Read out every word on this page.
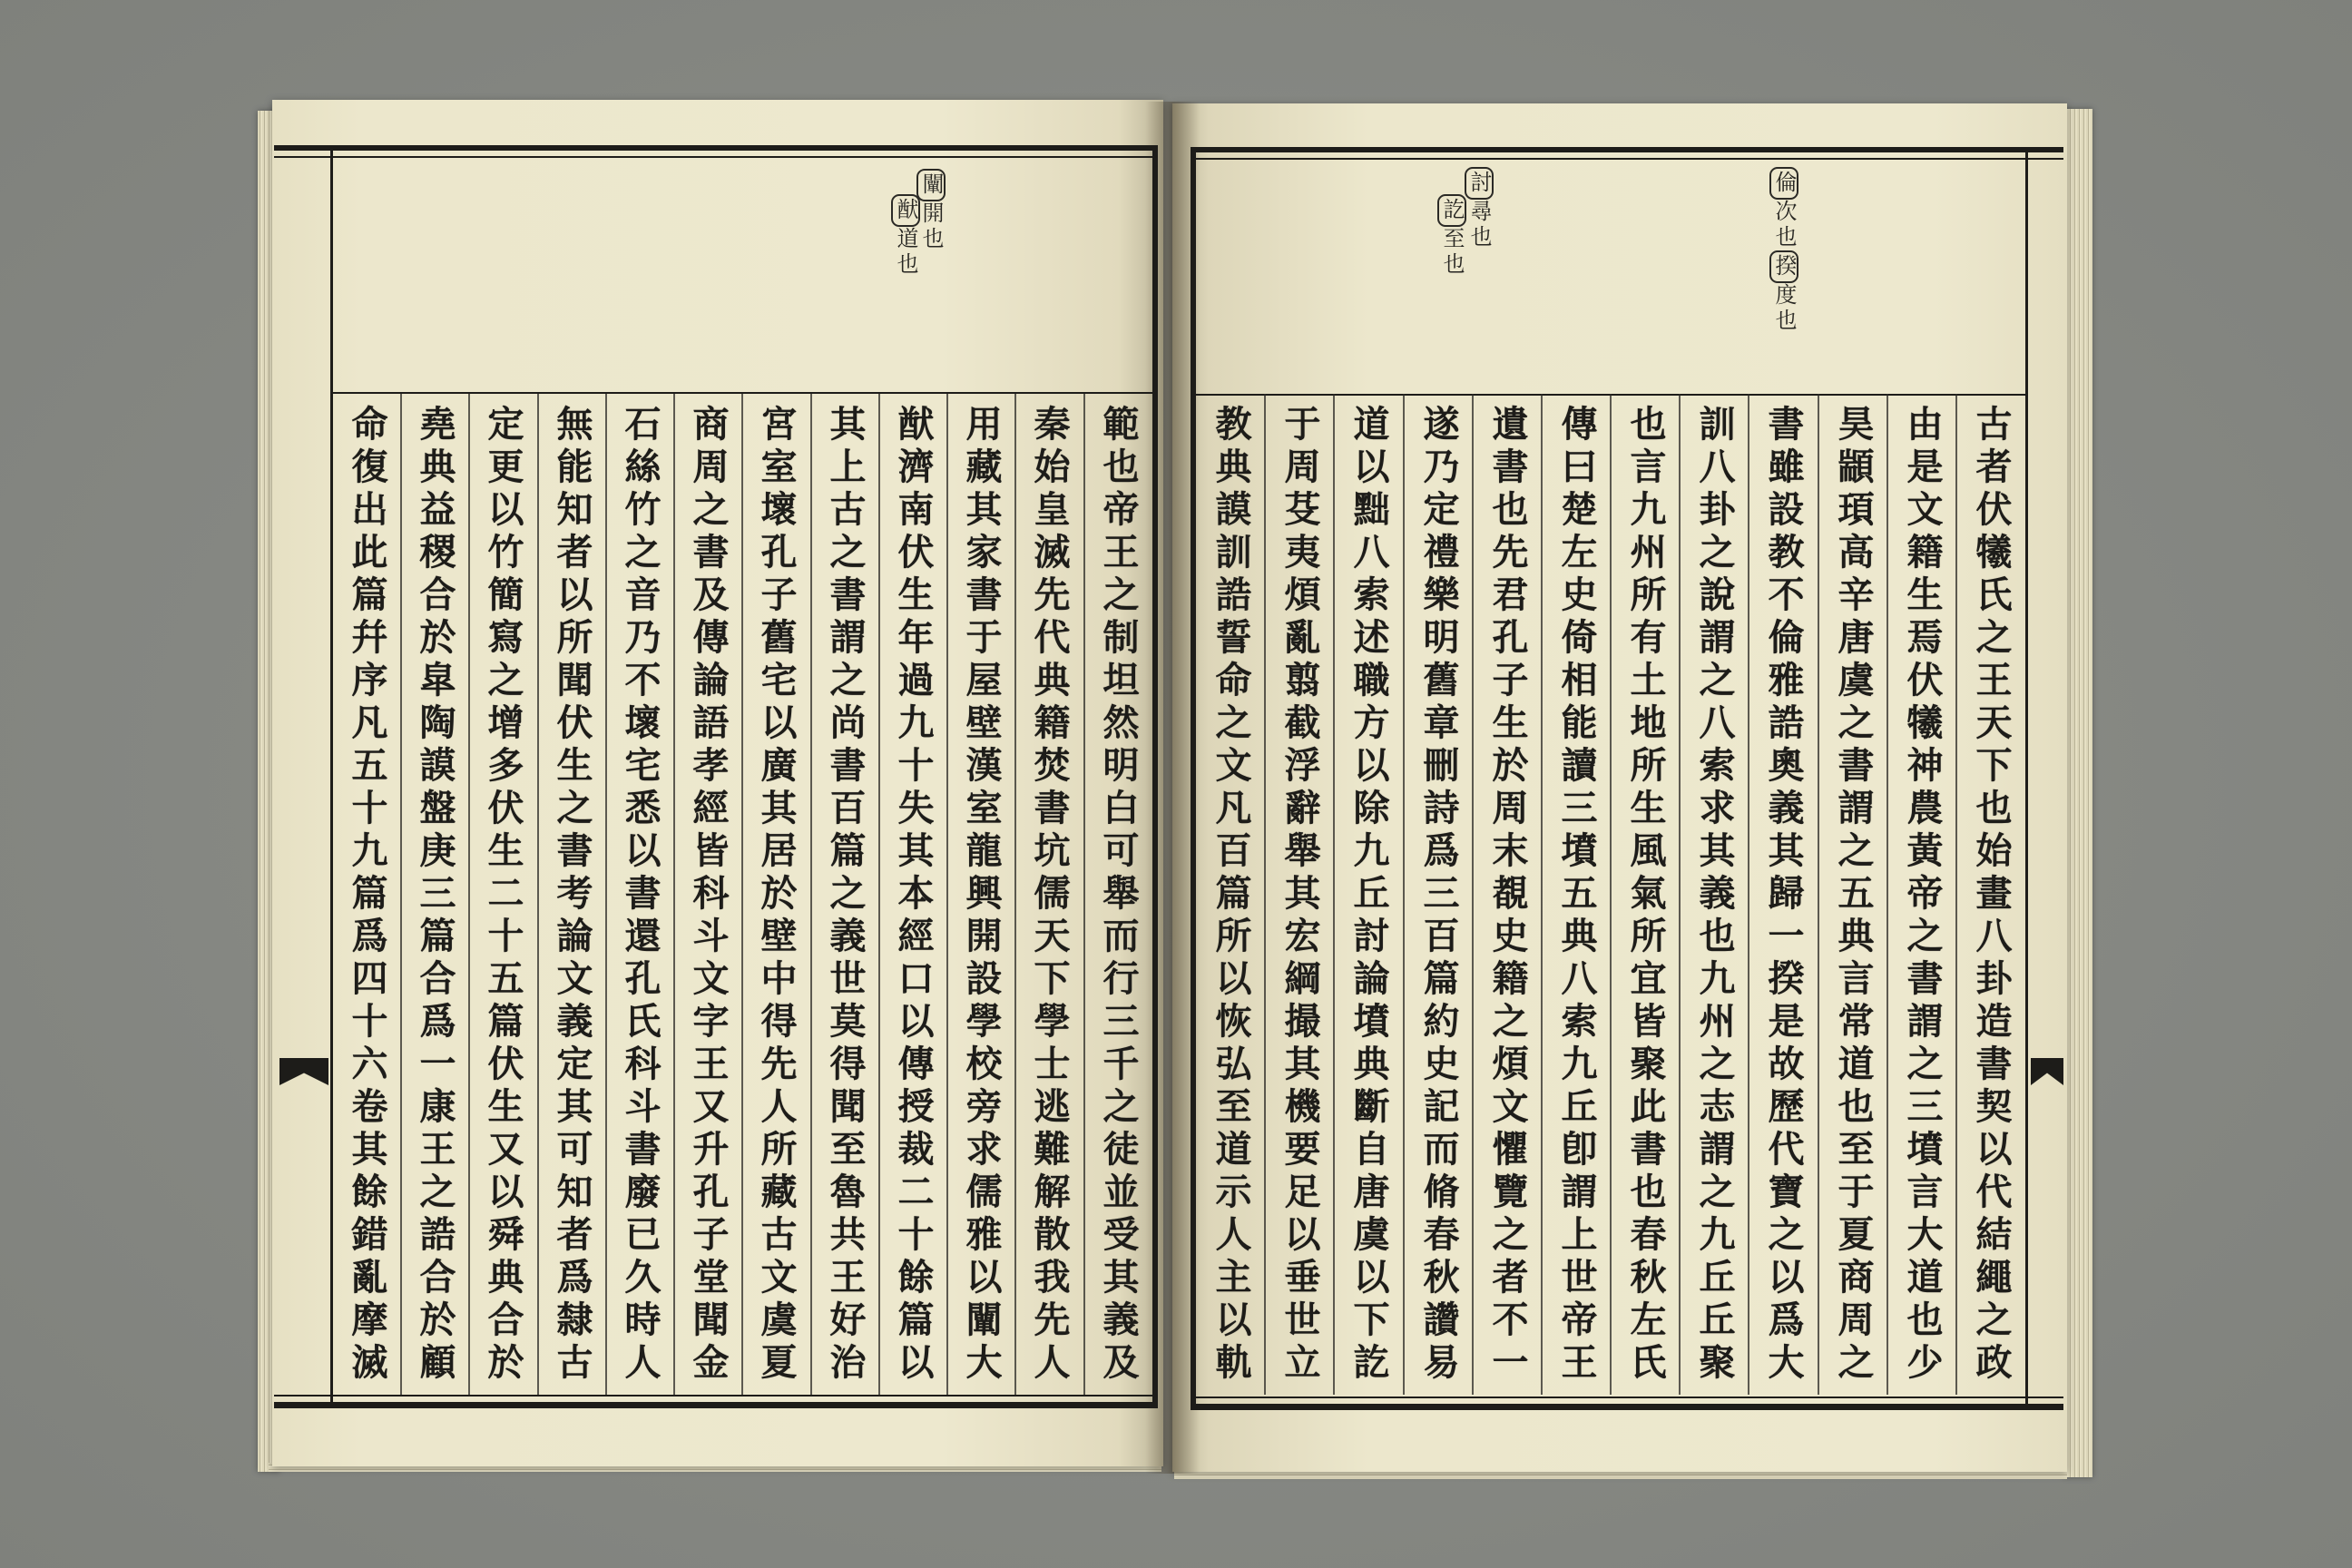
倫次也揆度也
討尋也
訖至也
闡開也
猷道也
古者伏犧氏之王天下也始畫八卦造書契以代結繩之政
由是文籍生焉伏犧神農黃帝之書謂之三墳言大道也少
昊顓頊高辛唐虞之書謂之五典言常道也至于夏商周之
書雖設教不倫雅誥奧義其歸一揆是故歷代寶之以爲大
訓八卦之說謂之八索求其義也九州之志謂之九丘丘聚
也言九州所有土地所生風氣所宜皆聚此書也春秋左氏
傳曰楚左史倚相能讀三墳五典八索九丘卽謂上世帝王
遺書也先君孔子生於周末覩史籍之煩文懼覽之者不一
遂乃定禮樂明舊章刪詩爲三百篇約史記而脩春秋讚易
道以黜八索述職方以除九丘討論墳典斷自唐虞以下訖
于周芟夷煩亂翦截浮辭舉其宏綱撮其機要足以垂世立
教典謨訓誥誓命之文凡百篇所以恢弘至道示人主以軌
範也帝王之制坦然明白可舉而行三千之徒並受其義及
秦始皇滅先代典籍焚書坑儒天下學士逃難解散我先人
用藏其家書于屋壁漢室龍興開設學校旁求儒雅以闡大
猷濟南伏生年過九十失其本經口以傳授裁二十餘篇以
其上古之書謂之尚書百篇之義世莫得聞至魯共王好治
宮室壞孔子舊宅以廣其居於壁中得先人所藏古文虞夏
商周之書及傳論語孝經皆科斗文字王又升孔子堂聞金
石絲竹之音乃不壞宅悉以書還孔氏科斗書廢已久時人
無能知者以所聞伏生之書考論文義定其可知者爲隸古
定更以竹簡寫之增多伏生二十五篇伏生又以舜典合於
堯典益稷合於皐陶謨盤庚三篇合爲一康王之誥合於顧
命復出此篇幷序凡五十九篇爲四十六卷其餘錯亂摩滅
